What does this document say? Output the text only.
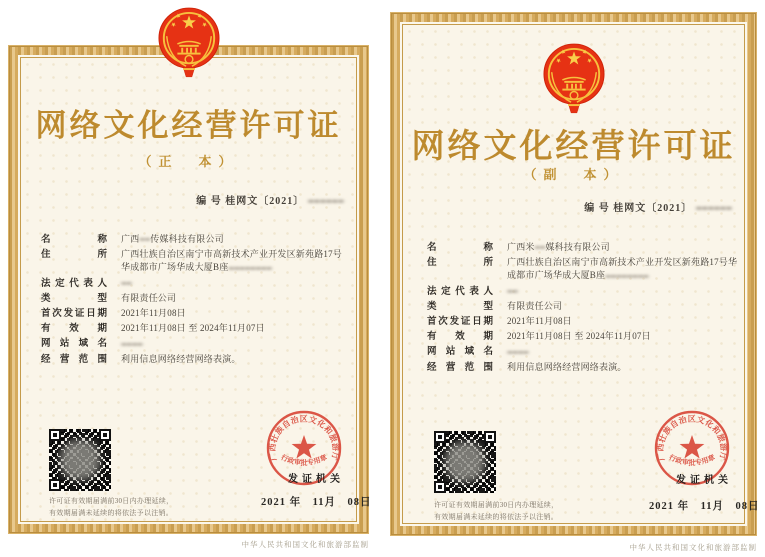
网络文化经营许可证
（正　本）
编 号 桂网文〔2021〕 ■■■■■■
名称 广西■■传媒科技有限公司
住所 广西壮族自治区南宁市高新技术产业开发区新苑路17号华成都市广场华成大厦B座■■■■■■■■
法定代表人 ■■
类型 有限责任公司
首次发证日期 2021年11月08日
有效期 2021年11月08日 至 2024年11月07日
网站域名 ■■■■
经营范围 利用信息网络经营网络表演。
许可证有效期届满前30日内办理延续，
有效期届满未延续的将依法予以注销。
广西壮族自治区文化和旅游厅
行政审批专用章
发证机关
2021 年　11月　08日
中华人民共和国文化和旅游部监制
网络文化经营许可证
（副　本）
编 号 桂网文〔2021〕 ■■■■■■
名称 广西米■■媒科技有限公司
住所 广西壮族自治区南宁市高新技术产业开发区新苑路17号华成都市广场华成大厦B座■■■■■■■■
法定代表人 ■■
类型 有限责任公司
首次发证日期 2021年11月08日
有效期 2021年11月08日 至 2024年11月07日
网站域名 ■■■■
经营范围 利用信息网络经营网络表演。
许可证有效期届满前30日内办理延续，
有效期届满未延续的将依法予以注销。
广西壮族自治区文化和旅游厅
行政审批专用章
发证机关
2021 年　11月　08日
中华人民共和国文化和旅游部监制
